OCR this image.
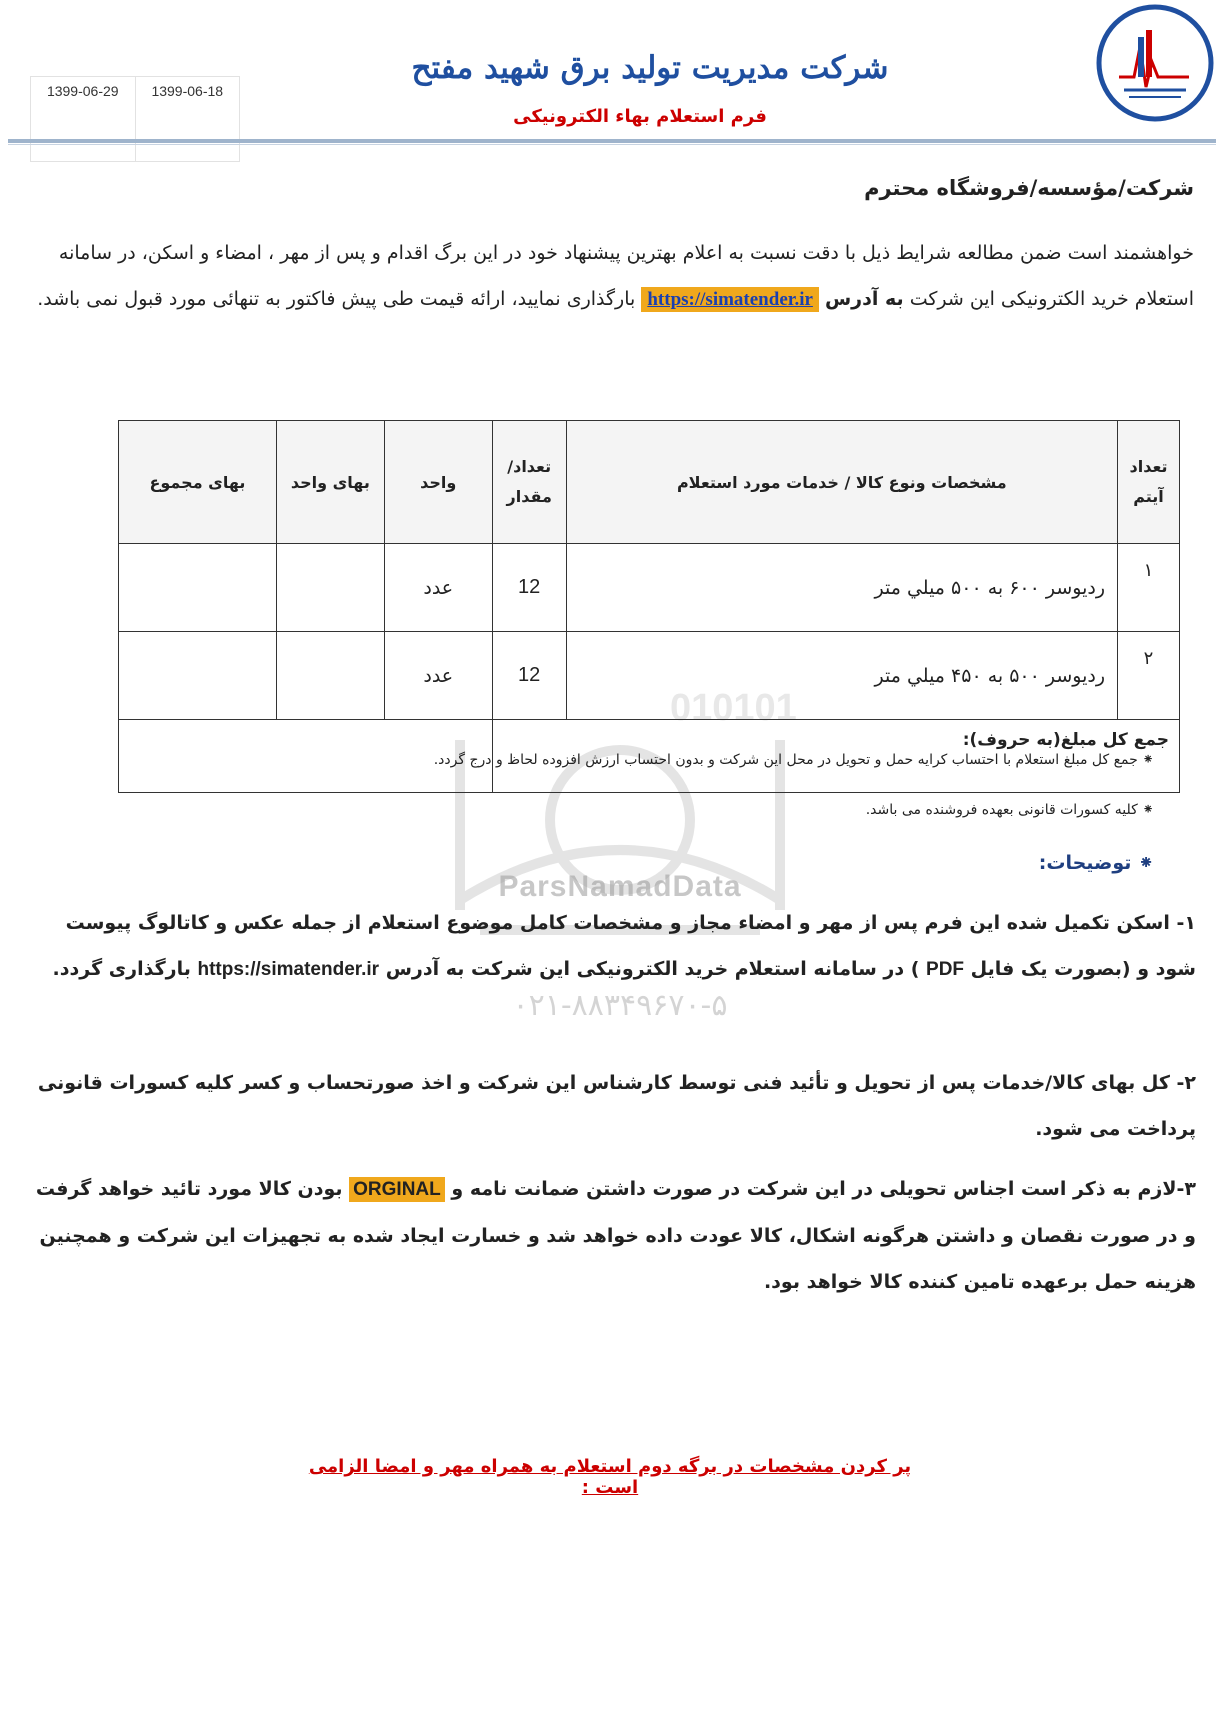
010101
ParsNamadData
۰۲۱-۸۸۳۴۹۶۷۰-۵
1399-06-29	1399-06-18
شرکت مدیریت تولید برق شهید مفتح
فرم استعلام بهاء الکترونیکی
شرکت/مؤسسه/فروشگاه محترم
خواهشمند است ضمن مطالعه شرایط ذیل با دقت نسبت به اعلام بهترین پیشنهاد خود در این برگ اقدام و پس از مهر ، امضاء و اسکن، در سامانه استعلام خرید الکترونیکی این شرکت به آدرس https://simatender.ir بارگذاری نمایید، ارائه قیمت طی پیش فاکتور به تنهائی مورد قبول نمی باشد.
تعداد آیتم	مشخصات ونوع کالا / خدمات مورد استعلام	تعداد/ مقدار	واحد	بهای واحد	بهای مجموع
۱	ردیوسر ۶۰۰ به ۵۰۰ میلي متر	12	عدد		
۲	ردیوسر ۵۰۰ به ۴۵۰ میلي متر	12	عدد		
جمع کل مبلغ(به حروف):					
⁕ جمع کل مبلغ استعلام با احتساب کرایه حمل و تحویل در محل این شرکت و بدون احتساب ارزش افزوده لحاظ و درج گردد.
⁕ کلیه کسورات قانونی بعهده فروشنده می باشد.
⁕ توضیحات:
۱- اسکن تکمیل شده این فرم پس از مهر و امضاء مجاز و مشخصات کامل موضوع استعلام از جمله عکس و کاتالوگ پیوست شود و (بصورت یک فایل PDF ) در سامانه استعلام خرید الکترونیکی این شرکت به آدرس https://simatender.ir بارگذاری گردد.
۲- کل بهای کالا/خدمات پس از تحویل و تأئید فنی توسط کارشناس این شرکت و اخذ صورتحساب و کسر کلیه کسورات قانونی پرداخت می شود.
۳-لازم به ذکر است اجناس تحویلی در این شرکت در صورت داشتن ضمانت نامه و ORGINAL بودن کالا مورد تائید خواهد گرفت و در صورت نقصان و داشتن هرگونه اشکال، کالا عودت داده خواهد شد و خسارت ایجاد شده به تجهیزات این شرکت و همچنین هزینه حمل برعهده تامین کننده کالا خواهد بود.
پر کردن مشخصات در برگه دوم استعلام به همراه مهر و امضا الزامی است :
